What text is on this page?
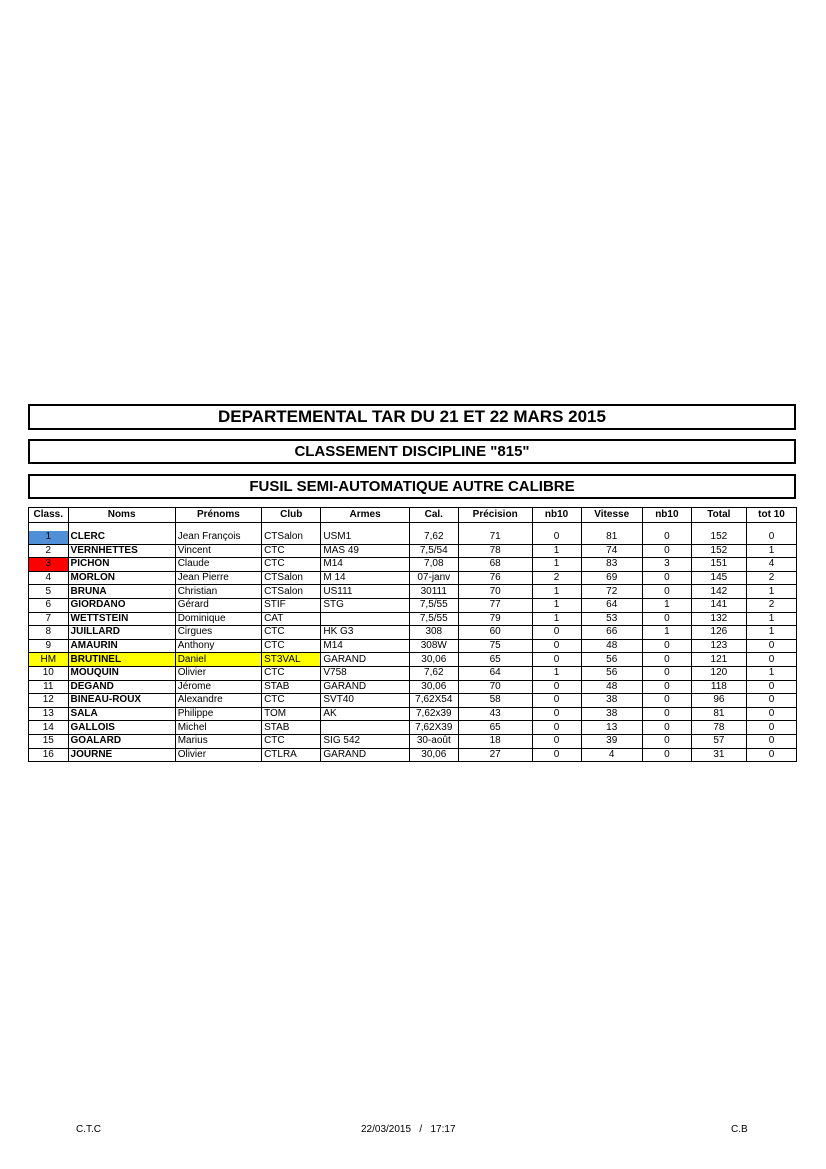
DEPARTEMENTAL TAR DU 21 ET 22 MARS 2015
CLASSEMENT DISCIPLINE "815"
FUSIL SEMI-AUTOMATIQUE AUTRE CALIBRE
Class.	Noms	Prénoms	Club	Armes	Cal.	Précision	nb10	Vitesse	nb10	Total	tot 10

1	CLERC	Jean François	CTSalon	USM1	7,62	71	0	81	0	152	0
2	VERNHETTES	Vincent	CTC	MAS 49	7,5/54	78	1	74	0	152	1
3	PICHON	Claude	CTC	M14	7,08	68	1	83	3	151	4
4	MORLON	Jean Pierre	CTSalon	M 14	07-janv	76	2	69	0	145	2
5	BRUNA	Christian	CTSalon	US111	30111	70	1	72	0	142	1
6	GIORDANO	Gérard	STIF	STG	7,5/55	77	1	64	1	141	2
7	WETTSTEIN	Dominique	CAT		7,5/55	79	1	53	0	132	1
8	JUILLARD	Cirgues	CTC	HK G3	308	60	0	66	1	126	1
9	AMAURIN	Anthony	CTC	M14	308W	75	0	48	0	123	0
HM	BRUTINEL	Daniel	ST3VAL	GARAND	30,06	65	0	56	0	121	0
10	MOUQUIN	Olivier	CTC	V758	7,62	64	1	56	0	120	1
11	DEGAND	Jérome	STAB	GARAND	30,06	70	0	48	0	118	0
12	BINEAU-ROUX	Alexandre	CTC	SVT40	7,62X54	58	0	38	0	96	0
13	SALA	Philippe	TOM	AK	7,62x39	43	0	38	0	81	0
14	GALLOIS	Michel	STAB		7,62X39	65	0	13	0	78	0
15	GOALARD	Marius	CTC	SIG 542	30-août	18	0	39	0	57	0
16	JOURNE	Olivier	CTLRA	GARAND	30,06	27	0	4	0	31	0
C.T.C	22/03/2015   /   17:17	C.B
